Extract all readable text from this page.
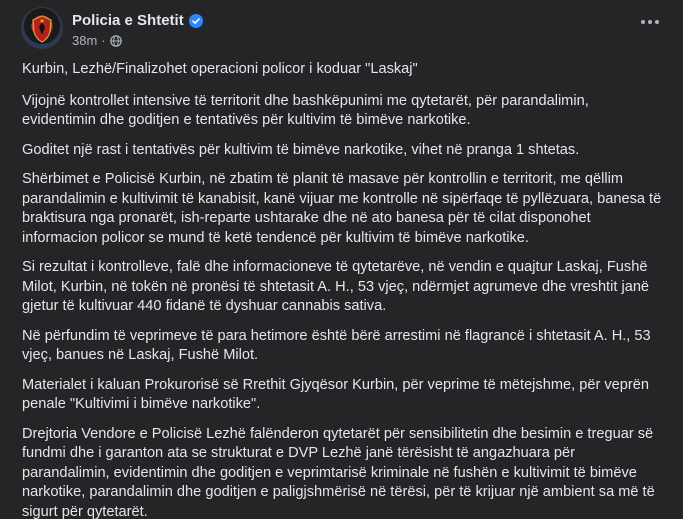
Policia e Shtetit
38m ·

Kurbin, Lezhë/Finalizohet operacioni policor i koduar "Laskaj"

Vijojnë kontrollet intensive të territorit dhe bashkëpunimi me qytetarët, për parandalimin, evidentimin dhe goditjen e tentativës për kultivim të bimëve narkotike.

Goditet një rast i tentativës për kultivim të bimëve narkotike, vihet në pranga 1 shtetas.

Shërbimet e Policisë Kurbin, në zbatim të planit të masave për kontrollin e territorit, me qëllim parandalimin e kultivimit të kanabisit, kanë vijuar me kontrolle në sipërfaqe të pyllëzuara, banesa të braktisura nga pronarët, ish-reparte ushtarake dhe në ato banesa për të cilat disponohet informacion policor se mund të ketë tendencë për kultivim të bimëve narkotike.

Si rezultat i kontrolleve, falë dhe informacioneve të qytetarëve, në vendin e quajtur Laskaj, Fushë Milot, Kurbin, në tokën në pronësi të shtetasit A. H., 53 vjeç, ndërmjet agrumeve dhe vreshtit janë gjetur të kultivuar 440 fidanë të dyshuar cannabis sativa.

Në përfundim të veprimeve të para hetimore është bërë arrestimi në flagrancë i shtetasit A. H., 53 vjeç, banues në Laskaj, Fushë Milot.

Materialet i kaluan Prokurorisë së Rrethit Gjyqësor Kurbin, për veprime të mëtejshme, për veprën penale "Kultivimi i bimëve narkotike".

Drejtoria Vendore e Policisë Lezhë falënderon qytetarët për sensibilitetin dhe besimin e treguar së fundmi dhe i garanton ata se strukturat e DVP Lezhë janë tërësisht të angazhuara për parandalimin, evidentimin dhe goditjen e veprimtarisë kriminale në fushën e kultivimit të bimëve narkotike, parandalimin dhe goditjen e paligjshmërisë në tërësi, për të krijuar një ambient sa më të sigurt për qytetarët.
